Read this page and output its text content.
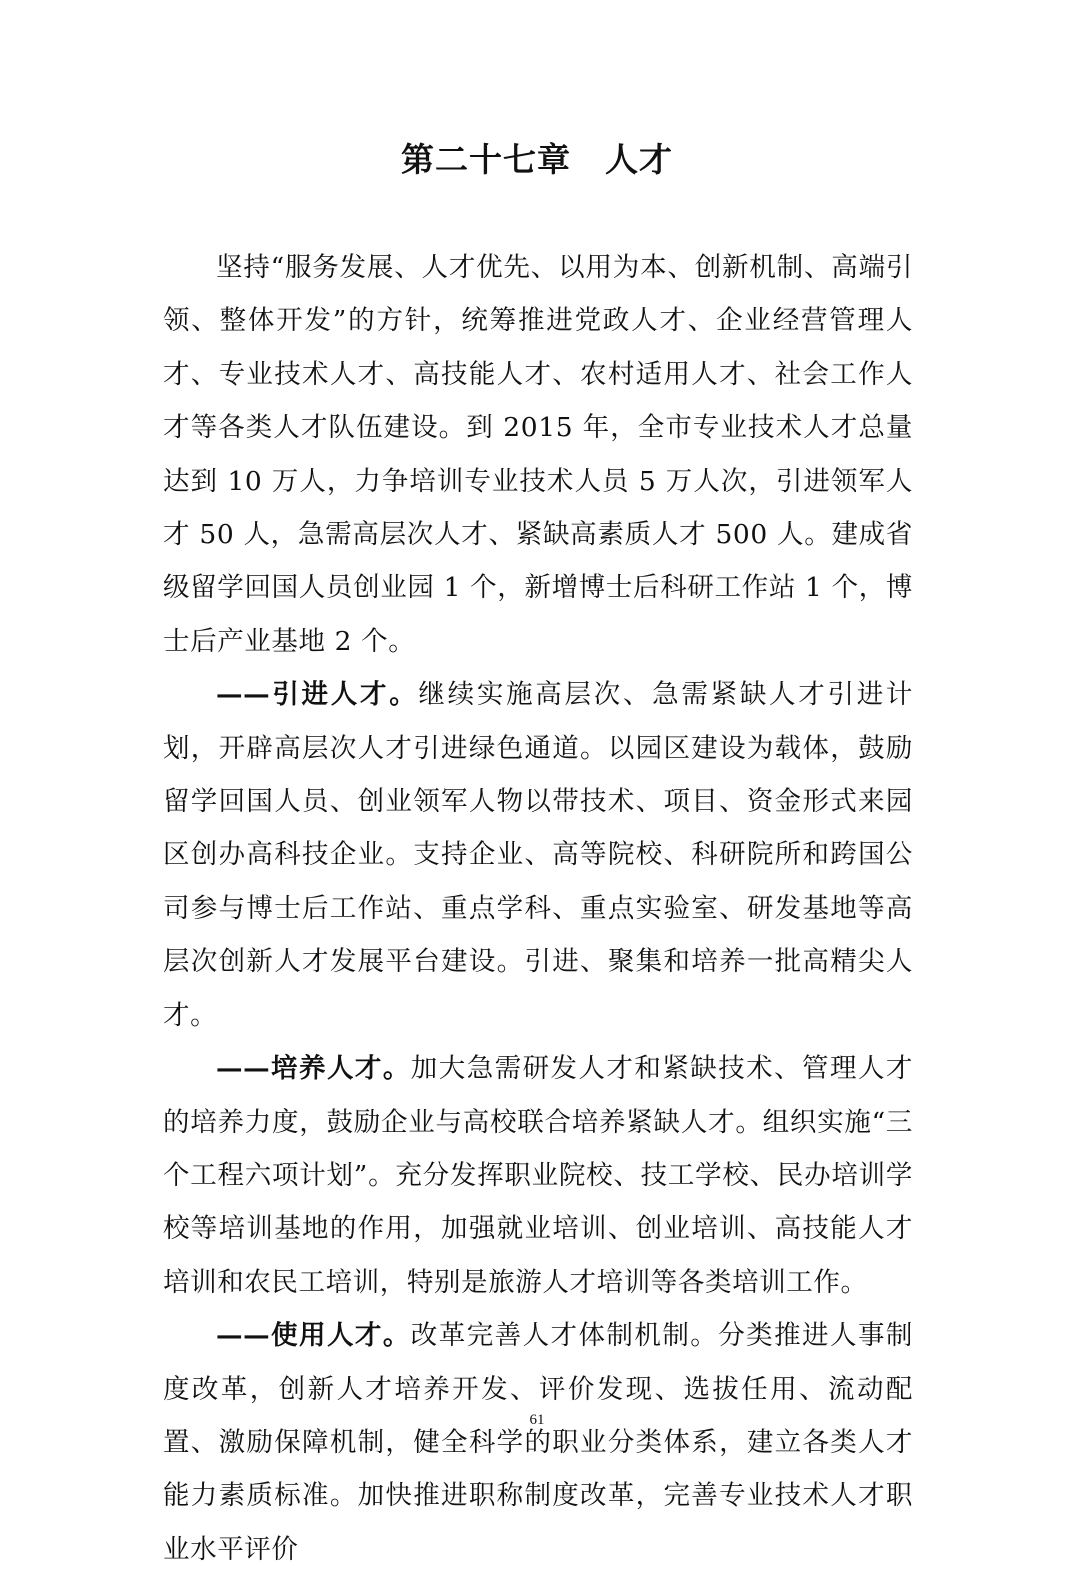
第二十七章　人才

坚持“服务发展、人才优先、以用为本、创新机制、高端引领、整体开发”的方针，统筹推进党政人才、企业经营管理人才、专业技术人才、高技能人才、农村适用人才、社会工作人才等各类人才队伍建设。到 2015 年，全市专业技术人才总量达到 10 万人，力争培训专业技术人员 5 万人次，引进领军人才 50 人，急需高层次人才、紧缺高素质人才 500 人。建成省级留学回国人员创业园 1 个，新增博士后科研工作站 1 个，博士后产业基地 2 个。

——引进人才。继续实施高层次、急需紧缺人才引进计划，开辟高层次人才引进绿色通道。以园区建设为载体，鼓励留学回国人员、创业领军人物以带技术、项目、资金形式来园区创办高科技企业。支持企业、高等院校、科研院所和跨国公司参与博士后工作站、重点学科、重点实验室、研发基地等高层次创新人才发展平台建设。引进、聚集和培养一批高精尖人才。

——培养人才。加大急需研发人才和紧缺技术、管理人才的培养力度，鼓励企业与高校联合培养紧缺人才。组织实施“三个工程六项计划”。充分发挥职业院校、技工学校、民办培训学校等培训基地的作用，加强就业培训、创业培训、高技能人才培训和农民工培训，特别是旅游人才培训等各类培训工作。

——使用人才。改革完善人才体制机制。分类推进人事制度改革，创新人才培养开发、评价发现、选拔任用、流动配置、激励保障机制，健全科学的职业分类体系，建立各类人才能力素质标准。加快推进职称制度改革，完善专业技术人才职业水平评价

61
